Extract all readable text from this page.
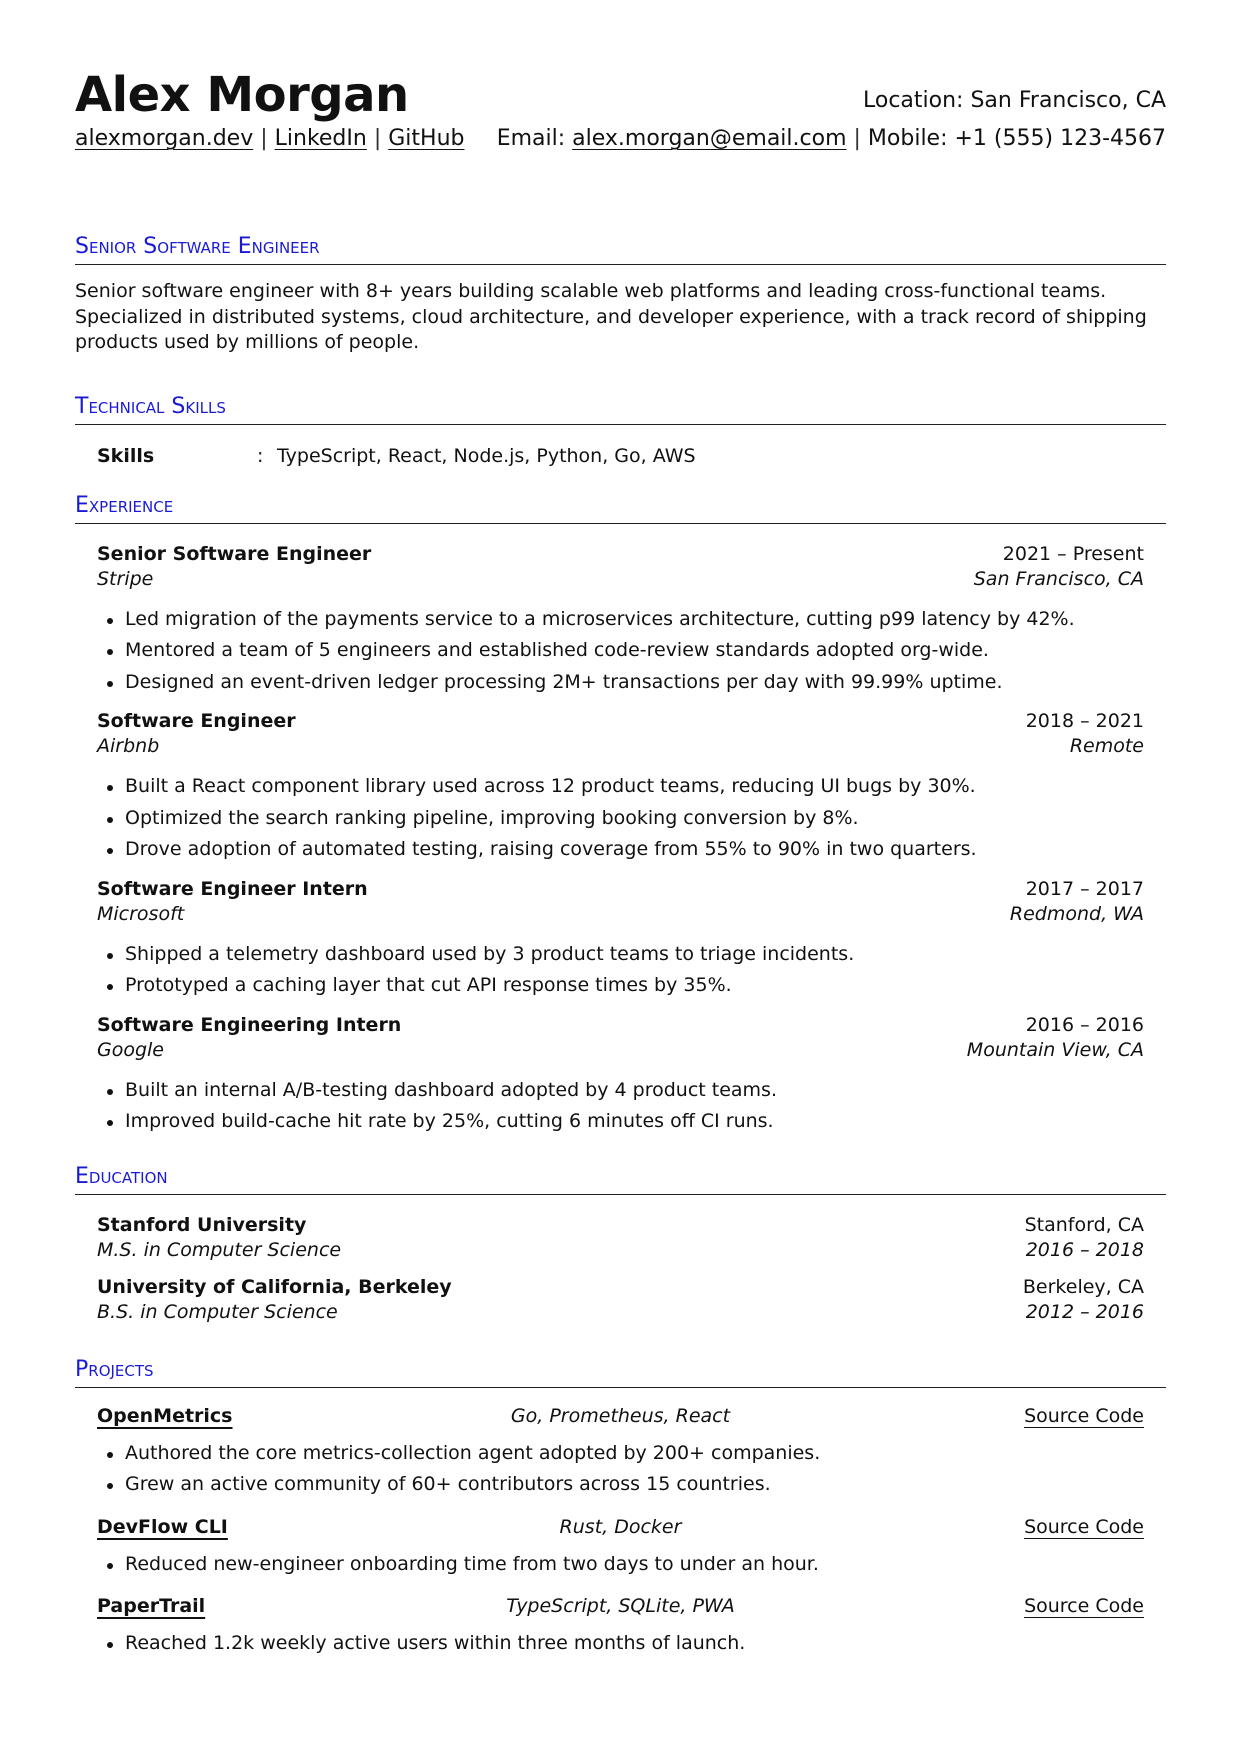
Alex Morgan
alexmorgan.dev | LinkedIn | GitHub
Location: San Francisco, CA
Email: alex.morgan@email.com | Mobile: +1 (555) 123-4567
Senior Software Engineer

Senior software engineer with 8+ years building scalable web platforms and leading cross-functional teams. Specialized in distributed systems, cloud architecture, and developer experience, with a track record of shipping products used by millions of people.

Technical Skills
Skills	: TypeScript, React, Node.js, Python, Go, AWS
Experience
Senior Software Engineer	2021 – Present
Stripe	San Francisco, CA
Led migration of the payments service to a microservices architecture, cutting p99 latency by 42%.
Mentored a team of 5 engineers and established code-review standards adopted org-wide.
Designed an event-driven ledger processing 2M+ transactions per day with 99.99% uptime.
Software Engineer	2018 – 2021
Airbnb	Remote
Built a React component library used across 12 product teams, reducing UI bugs by 30%.
Optimized the search ranking pipeline, improving booking conversion by 8%.
Drove adoption of automated testing, raising coverage from 55% to 90% in two quarters.
Software Engineer Intern	2017 – 2017
Microsoft	Redmond, WA
Shipped a telemetry dashboard used by 3 product teams to triage incidents.
Prototyped a caching layer that cut API response times by 35%.
Software Engineering Intern	2016 – 2016
Google	Mountain View, CA
Built an internal A/B-testing dashboard adopted by 4 product teams.
Improved build-cache hit rate by 25%, cutting 6 minutes off CI runs.
Education
Stanford University	Stanford, CA
M.S. in Computer Science	2016 – 2018
University of California, Berkeley	Berkeley, CA
B.S. in Computer Science	2012 – 2016
Projects
OpenMetrics	Go, Prometheus, React	Source Code
Authored the core metrics-collection agent adopted by 200+ companies.
Grew an active community of 60+ contributors across 15 countries.
DevFlow CLI	Rust, Docker	Source Code
Reduced new-engineer onboarding time from two days to under an hour.
PaperTrail	TypeScript, SQLite, PWA	Source Code
Reached 1.2k weekly active users within three months of launch.
